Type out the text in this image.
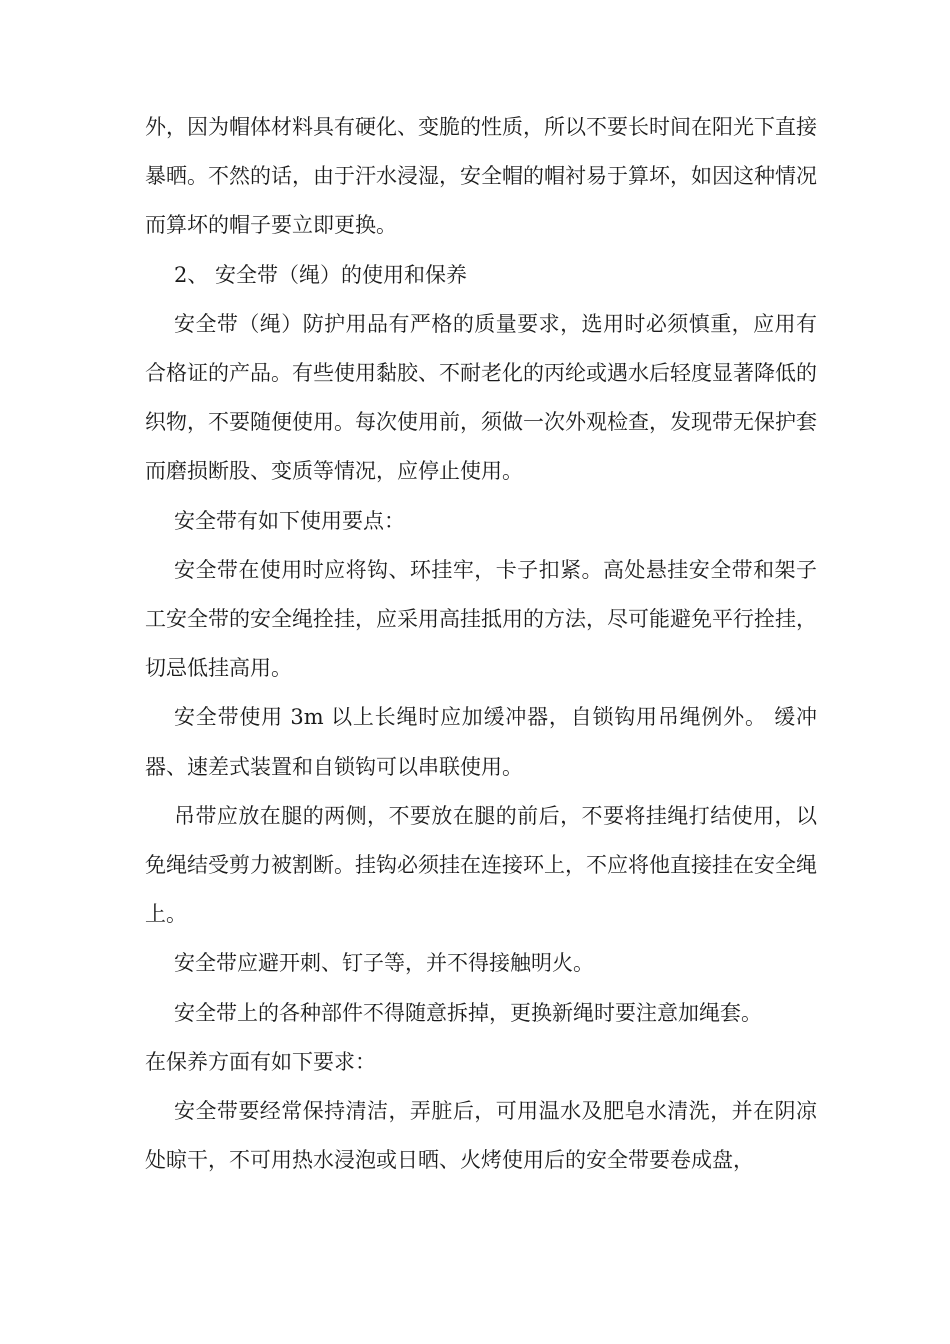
外，因为帽体材料具有硬化、变脆的性质，所以不要长时间在阳光下直接暴晒。不然的话，由于汗水浸湿，安全帽的帽衬易于算坏，如因这种情况而算坏的帽子要立即更换。

2、 安全带（绳）的使用和保养

安全带（绳）防护用品有严格的质量要求，选用时必须慎重，应用有合格证的产品。有些使用黏胶、不耐老化的丙纶或遇水后轻度显著降低的织物，不要随便使用。每次使用前，须做一次外观检查，发现带无保护套而磨损断股、变质等情况，应停止使用。

安全带有如下使用要点：

安全带在使用时应将钩、环挂牢，卡子扣紧。高处悬挂安全带和架子工安全带的安全绳拴挂，应采用高挂抵用的方法，尽可能避免平行拴挂，切忌低挂高用。

安全带使用 3m 以上长绳时应加缓冲器，自锁钩用吊绳例外。 缓冲器、速差式装置和自锁钩可以串联使用。

吊带应放在腿的两侧，不要放在腿的前后，不要将挂绳打结使用，以免绳结受剪力被割断。挂钩必须挂在连接环上，不应将他直接挂在安全绳上。

安全带应避开刺、钉子等，并不得接触明火。

安全带上的各种部件不得随意拆掉，更换新绳时要注意加绳套。

在保养方面有如下要求：

安全带要经常保持清洁，弄脏后，可用温水及肥皂水清洗，并在阴凉处晾干，不可用热水浸泡或日晒、火烤使用后的安全带要卷成盘，
